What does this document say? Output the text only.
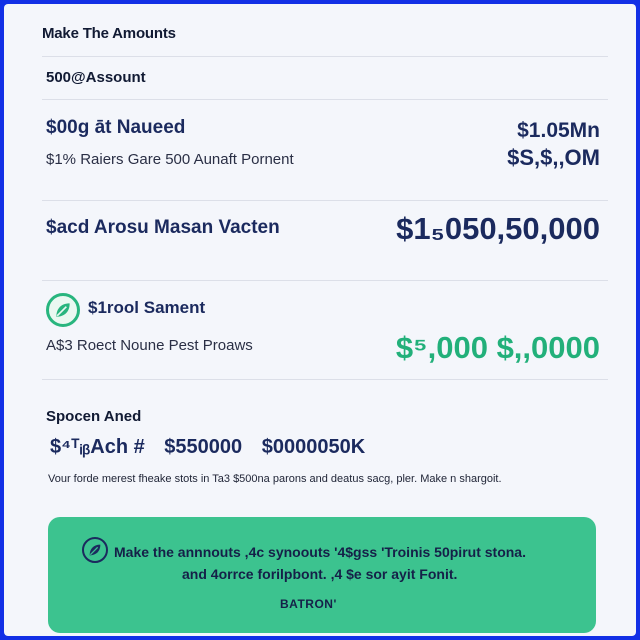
Make The Amounts
500@Assount
$00g āt Naueed
$1% Raiers Gare 500 Aunaft Pornent
$1.05Mn
$S,$,,OM
$acd Arosu Masan Vacten	$1₅050,50,000
$1rool Sament
A$3 Roect Noune Pest Proaws	$⁵,000 $,,0000
Spocen Aned
$⁴ᵀᵢᵦAch # $550000 $0000050K
Vour forde merest fheake stots in Ta3 $500na parons and deatus sacg, pler. Make n shargoit.
Make the annnouts ,4c synoouts '4$gss 'Troinis 50pirut stona.
and 4orrce forilpbont. ,4 $e sor ayit Fonit.
BATRON'
